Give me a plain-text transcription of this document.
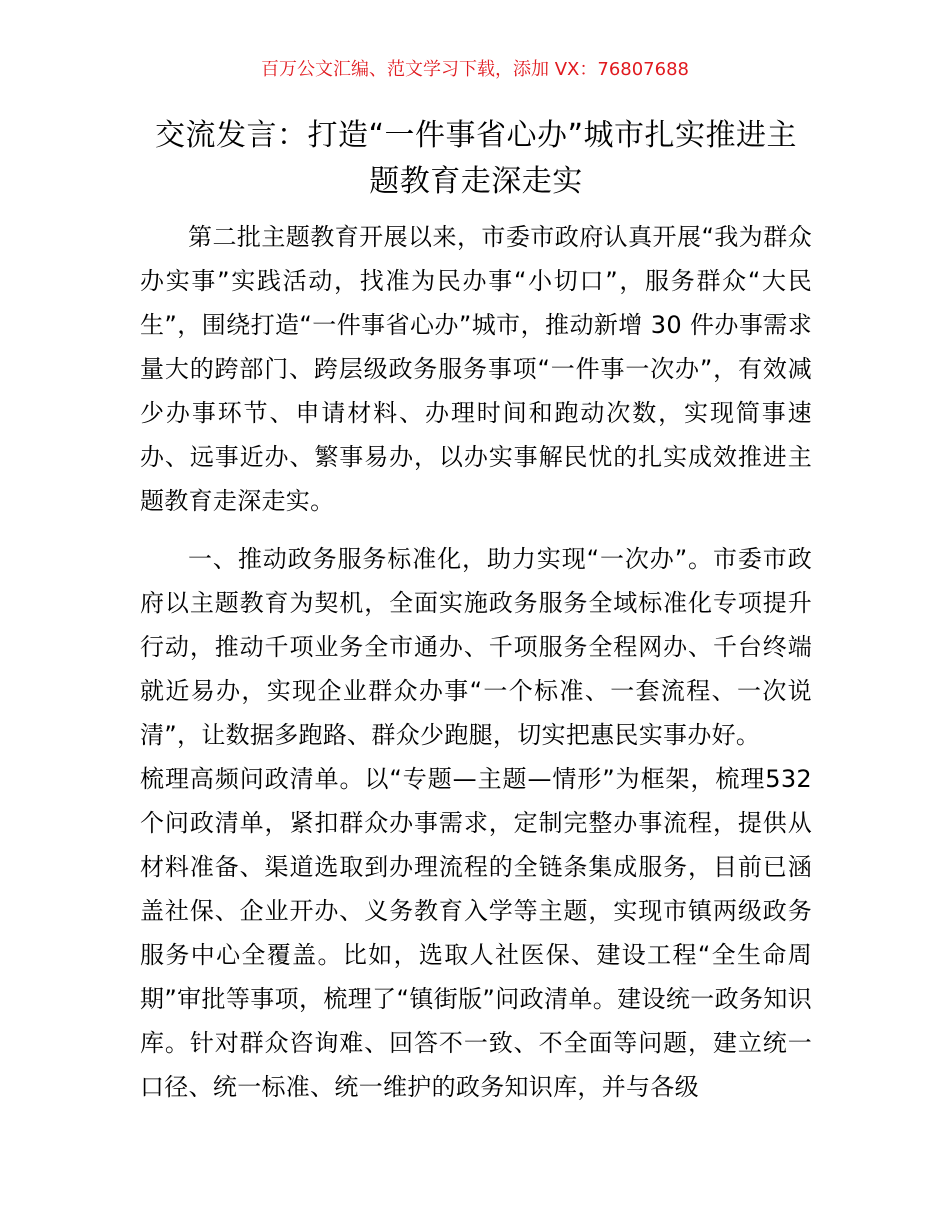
百万公文汇编、范文学习下载，添加 VX：76807688
交流发言：打造“一件事省心办”城市扎实推进主题教育走深走实

第二批主题教育开展以来，市委市政府认真开展“我为群众办实事”实践活动，找准为民办事“小切口”，服务群众“大民生”，围绕打造“一件事省心办”城市，推动新增 30 件办事需求量大的跨部门、跨层级政务服务事项“一件事一次办”，有效减少办事环节、申请材料、办理时间和跑动次数，实现简事速办、远事近办、繁事易办，以办实事解民忧的扎实成效推进主题教育走深走实。

一、推动政务服务标准化，助力实现“一次办”。市委市政府以主题教育为契机，全面实施政务服务全域标准化专项提升行动，推动千项业务全市通办、千项服务全程网办、千台终端就近易办，实现企业群众办事“一个标准、一套流程、一次说清”，让数据多跑路、群众少跑腿，切实把惠民实事办好。

梳理高频问政清单。以“专题—主题—情形”为框架，梳理532 个问政清单，紧扣群众办事需求，定制完整办事流程，提供从材料准备、渠道选取到办理流程的全链条集成服务，目前已涵盖社保、企业开办、义务教育入学等主题，实现市镇两级政务服务中心全覆盖。比如，选取人社医保、建设工程“全生命周期”审批等事项，梳理了“镇街版”问政清单。建设统一政务知识库。针对群众咨询难、回答不一致、不全面等问题，建立统一口径、统一标准、统一维护的政务知识库，并与各级
